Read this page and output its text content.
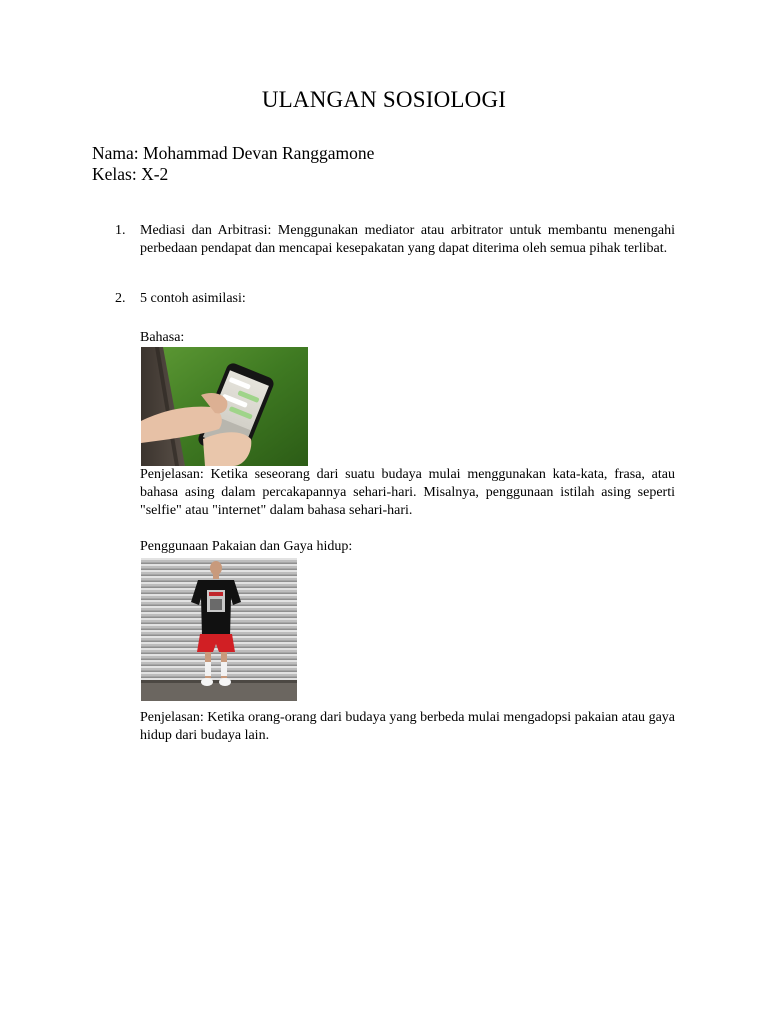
ULANGAN SOSIOLOGI
Nama: Mohammad Devan Ranggamone
Kelas: X-2
1. Mediasi dan Arbitrasi: Menggunakan mediator atau arbitrator untuk membantu menengahi perbedaan pendapat dan mencapai kesepakatan yang dapat diterima oleh semua pihak terlibat.
2. 5 contoh asimilasi:
Bahasa:
Penjelasan: Ketika seseorang dari suatu budaya mulai menggunakan kata-kata, frasa, atau bahasa asing dalam percakapannya sehari-hari. Misalnya, penggunaan istilah asing seperti "selfie" atau "internet" dalam bahasa sehari-hari.
Penggunaan Pakaian dan Gaya hidup:
Penjelasan: Ketika orang-orang dari budaya yang berbeda mulai mengadopsi pakaian atau gaya hidup dari budaya lain.
